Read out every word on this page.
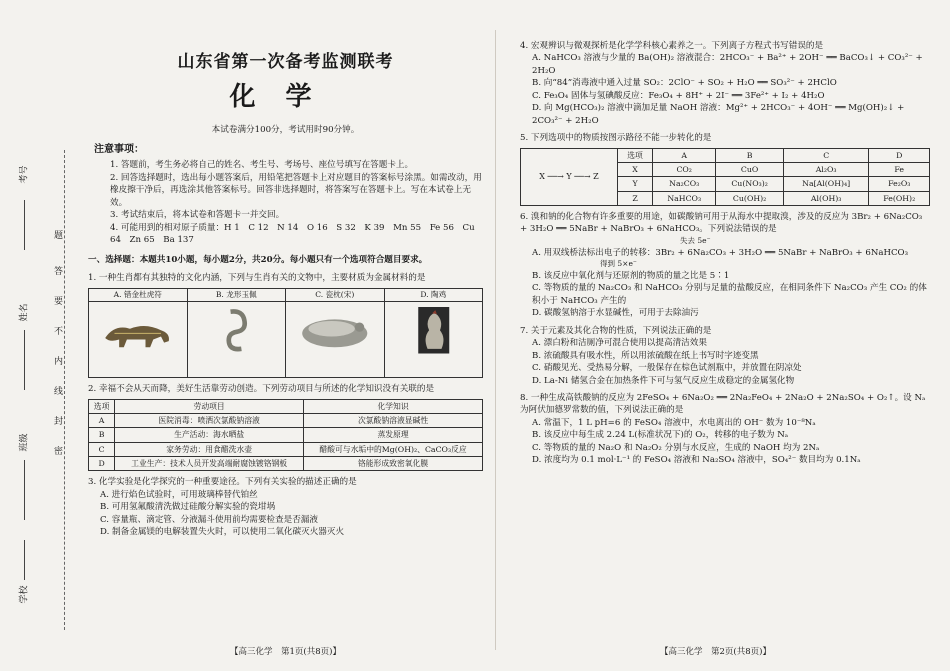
考号
姓名
班级
学校
题
答
要
不
内
线
封
密
山东省第一次备考监测联考
化学
本试卷满分100分，考试用时90分钟。
注意事项：
1. 答题前，考生务必将自己的姓名、考生号、考场号、座位号填写在答题卡上。
2. 回答选择题时，选出每小题答案后，用铅笔把答题卡上对应题目的答案标号涂黑。如需改动，用橡皮擦干净后，再选涂其他答案标号。回答非选择题时，将答案写在答题卡上。写在本试卷上无效。
3. 考试结束后，将本试卷和答题卡一并交回。
4. 可能用到的相对原子质量：H 1　C 12　N 14　O 16　S 32　K 39　Mn 55　Fe 56　Cu 64　Zn 65　Ba 137
一、选择题：本题共10小题，每小题2分，共20分。每小题只有一个选项符合题目要求。
1. 一种生肖都有其独特的文化内涵，下列与生肖有关的文物中，主要材质为金属材料的是
A. 错金杜虎符	B. 龙形玉佩	C. 瓷枕(宋)	D. 陶鸡
2. 幸福不会从天而降，美好生活靠劳动创造。下列劳动项目与所述的化学知识没有关联的是
选项	劳动项目	化学知识
A	医院消毒：喷洒次氯酸钠溶液	次氯酸钠溶液显碱性
B	生产活动：海水晒盐	蒸发原理
C	家务劳动：用食醋洗水壶	醋酸可与水垢中的Mg(OH)₂、CaCO₃反应
D	工业生产：技术人员开发高端耐腐蚀镀铬钢板	铬能形成致密氧化膜
3. 化学实验是化学探究的一种重要途径。下列有关实验的描述正确的是
A. 进行焰色试验时，可用玻璃棒替代铂丝
B. 可用氢氟酸清洗做过硅酸分解实验的瓷坩埚
C. 容量瓶、滴定管、分液漏斗使用前均需要检查是否漏液
D. 制备金属镁的电解装置失火时，可以使用二氧化碳灭火器灭火
【高三化学　第1页(共8页)】
4. 宏观辨识与微观探析是化学学科核心素养之一。下列离子方程式书写错误的是
A. NaHCO₃ 溶液与少量的 Ba(OH)₂ 溶液混合：2HCO₃⁻ + Ba²⁺ + 2OH⁻ ══ BaCO₃↓ + CO₃²⁻ + 2H₂O
B. 向“84”消毒液中通入过量 SO₂：2ClO⁻ + SO₂ + H₂O ══ SO₃²⁻ + 2HClO
C. Fe₃O₄ 固体与氢碘酸反应：Fe₃O₄ + 8H⁺ + 2I⁻ ══ 3Fe²⁺ + I₂ + 4H₂O
D. 向 Mg(HCO₃)₂ 溶液中滴加足量 NaOH 溶液：Mg²⁺ + 2HCO₃⁻ + 4OH⁻ ══ Mg(OH)₂↓ + 2CO₃²⁻ + 2H₂O
5. 下列选项中的物质按图示路径不能一步转化的是
X ──→ Y ──→ Z	选项	A	B	C	D
	X	CO₂	CuO	Al₂O₃	Fe
	Y	Na₂CO₃	Cu(NO₃)₂	Na[Al(OH)₄]	Fe₂O₃
	Z	NaHCO₃	Cu(OH)₂	Al(OH)₃	Fe(OH)₂
6. 溴和钠的化合物有许多重要的用途，如碳酸钠可用于从海水中提取溴，涉及的反应为 3Br₂ + 6Na₂CO₃ + 3H₂O ══ 5NaBr + NaBrO₃ + 6NaHCO₃。下列说法错误的是
失去 5e⁻
A. 用双线桥法标出电子的转移：3Br₂ + 6Na₂CO₃ + 3H₂O ══ 5NaBr + NaBrO₃ + 6NaHCO₃
得到 5×e⁻
B. 该反应中氧化剂与还原剂的物质的量之比是 5∶1
C. 等物质的量的 Na₂CO₃ 和 NaHCO₃ 分别与足量的盐酸反应，在相同条件下 Na₂CO₃ 产生 CO₂ 的体积小于 NaHCO₃ 产生的
D. 碳酸氢钠溶于水显碱性，可用于去除油污
7. 关于元素及其化合物的性质，下列说法正确的是
A. 漂白粉和洁厕净可混合使用以提高清洁效果
B. 浓硫酸具有吸水性，所以用浓硫酸在纸上书写时字迹变黑
C. 硝酸见光、受热易分解，一般保存在棕色试剂瓶中，并放置在阴凉处
D. La-Ni 储氢合金在加热条件下可与氢气反应生成稳定的金属氢化物
8. 一种生成高铁酸钠的反应为 2FeSO₄ + 6Na₂O₂ ══ 2Na₂FeO₄ + 2Na₂O + 2Na₂SO₄ + O₂↑。设 Nₐ 为阿伏加德罗常数的值，下列说法正确的是
A. 常温下，1 L pH=6 的 FeSO₄ 溶液中，水电离出的 OH⁻ 数为 10⁻⁸Nₐ
B. 该反应中每生成 2.24 L(标准状况下)的 O₂，转移的电子数为 Nₐ
C. 等物质的量的 Na₂O 和 Na₂O₂ 分别与水反应，生成的 NaOH 均为 2Nₐ
D. 浓度均为 0.1 mol·L⁻¹ 的 FeSO₄ 溶液和 Na₂SO₄ 溶液中，SO₄²⁻ 数目均为 0.1Nₐ
【高三化学　第2页(共8页)】
